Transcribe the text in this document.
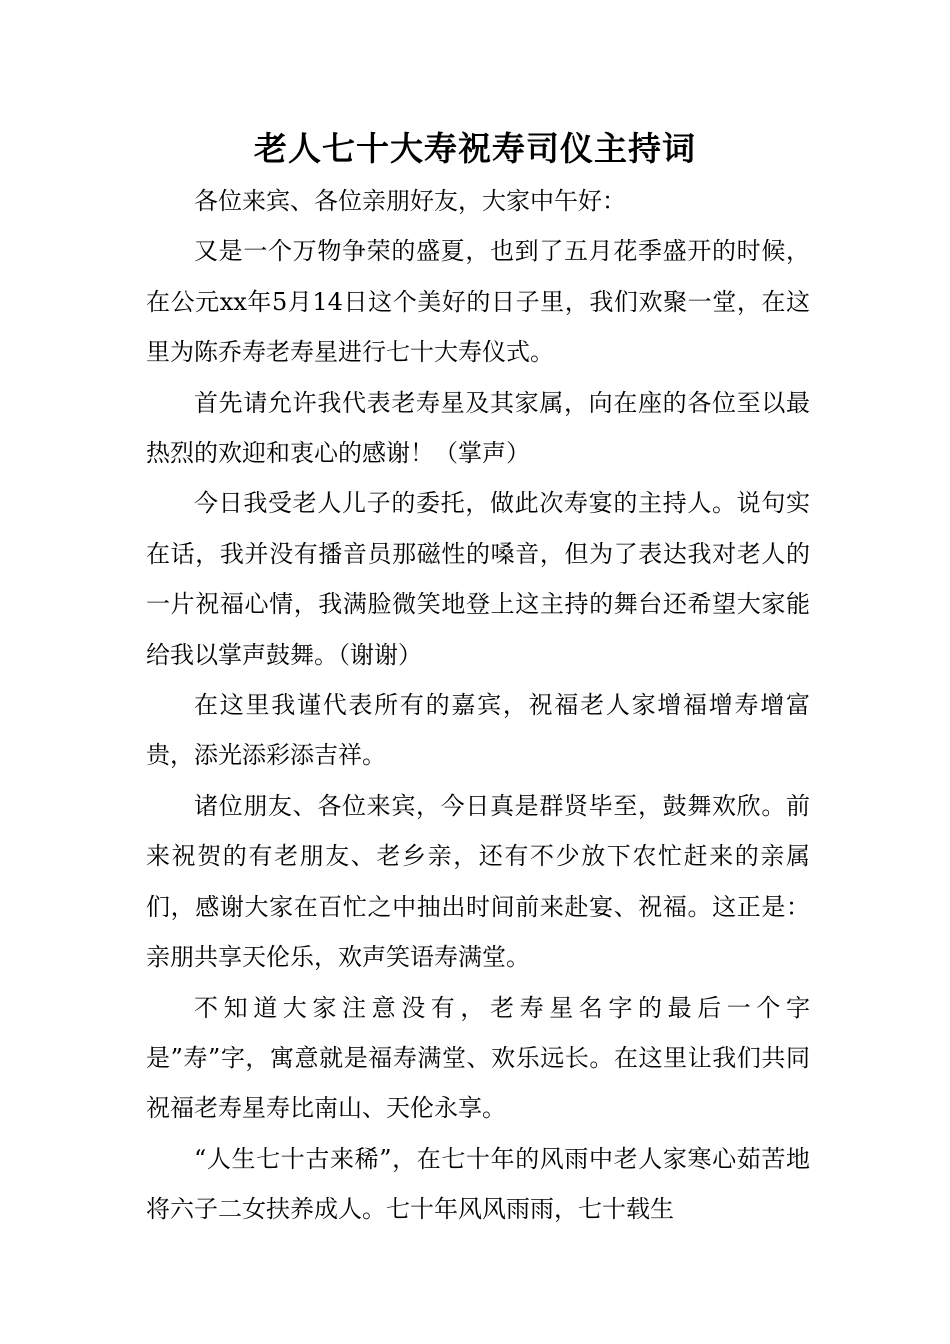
老人七十大寿祝寿司仪主持词

各位来宾、各位亲朋好友，大家中午好：

又是一个万物争荣的盛夏，也到了五月花季盛开的时候，在公元xx年5月14日这个美好的日子里，我们欢聚一堂，在这里为陈乔寿老寿星进行七十大寿仪式。

首先请允许我代表老寿星及其家属，向在座的各位至以最热烈的欢迎和衷心的感谢！（掌声）

今日我受老人儿子的委托，做此次寿宴的主持人。说句实在话，我并没有播音员那磁性的嗓音，但为了表达我对老人的一片祝福心情，我满脸微笑地登上这主持的舞台还希望大家能给我以掌声鼓舞。（谢谢）

在这里我谨代表所有的嘉宾，祝福老人家增福增寿增富贵，添光添彩添吉祥。

诸位朋友、各位来宾，今日真是群贤毕至，鼓舞欢欣。前来祝贺的有老朋友、老乡亲，还有不少放下农忙赶来的亲属们，感谢大家在百忙之中抽出时间前来赴宴、祝福。这正是：亲朋共享天伦乐，欢声笑语寿满堂。

不知道大家注意没有，老寿星名字的最后一个字是”寿”字，寓意就是福寿满堂、欢乐远长。在这里让我们共同祝福老寿星寿比南山、天伦永享。

“人生七十古来稀”，在七十年的风雨中老人家寒心茹苦地将六子二女扶养成人。七十年风风雨雨，七十载生
